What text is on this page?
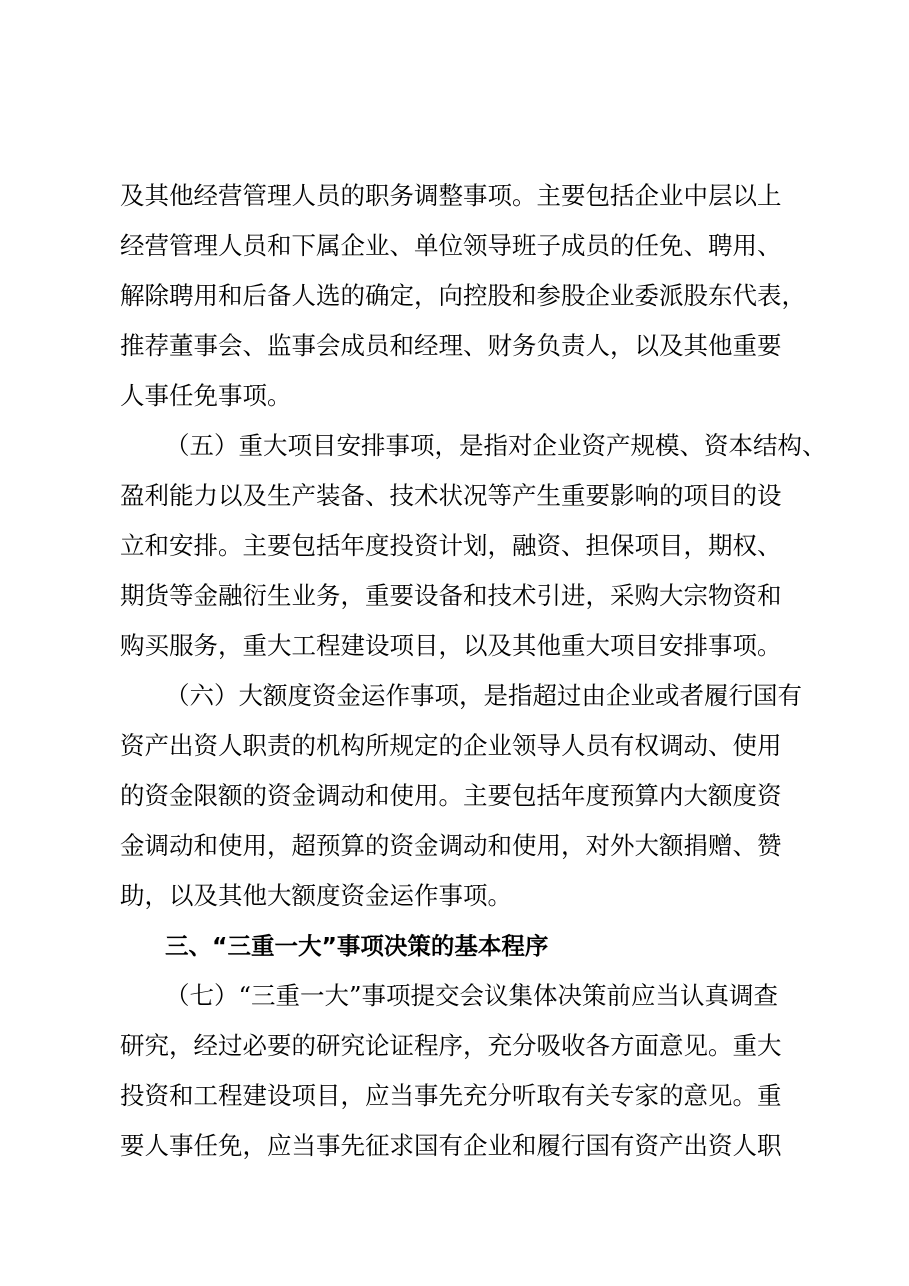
及其他经营管理人员的职务调整事项。主要包括企业中层以上
经营管理人员和下属企业、单位领导班子成员的任免、聘用、
解除聘用和后备人选的确定，向控股和参股企业委派股东代表，
推荐董事会、监事会成员和经理、财务负责人，以及其他重要
人事任免事项。
（五）重大项目安排事项，是指对企业资产规模、资本结构、
盈利能力以及生产装备、技术状况等产生重要影响的项目的设
立和安排。主要包括年度投资计划，融资、担保项目，期权、
期货等金融衍生业务，重要设备和技术引进，采购大宗物资和
购买服务，重大工程建设项目，以及其他重大项目安排事项。
（六）大额度资金运作事项，是指超过由企业或者履行国有
资产出资人职责的机构所规定的企业领导人员有权调动、使用
的资金限额的资金调动和使用。主要包括年度预算内大额度资
金调动和使用，超预算的资金调动和使用，对外大额捐赠、赞
助，以及其他大额度资金运作事项。
三、“三重一大”事项决策的基本程序
（七）“三重一大”事项提交会议集体决策前应当认真调查
研究，经过必要的研究论证程序，充分吸收各方面意见。重大
投资和工程建设项目，应当事先充分听取有关专家的意见。重
要人事任免，应当事先征求国有企业和履行国有资产出资人职
